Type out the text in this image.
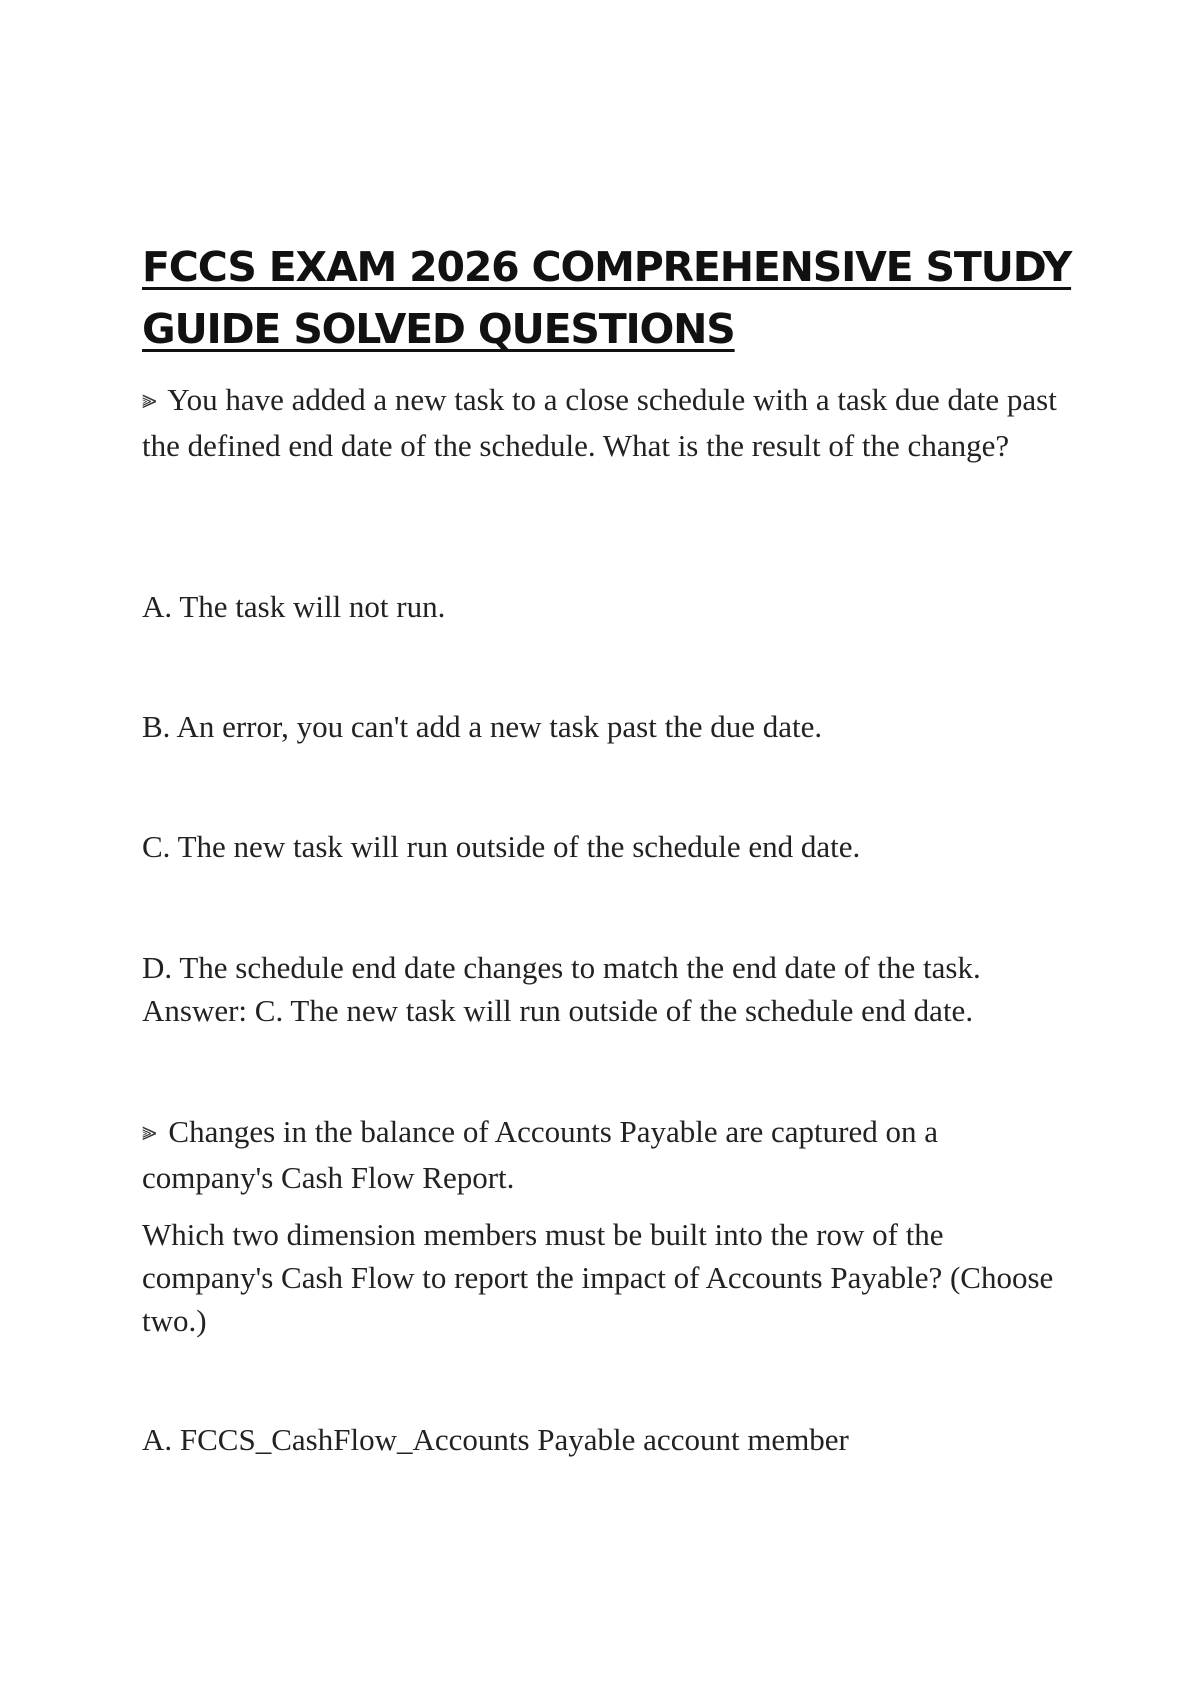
FCCS EXAM 2026 COMPREHENSIVE STUDY
GUIDE SOLVED QUESTIONS

⫸ You have added a new task to a close schedule with a task due date past the defined end date of the schedule. What is the result of the change?

A. The task will not run.

B. An error, you can't add a new task past the due date.

C. The new task will run outside of the schedule end date.

D. The schedule end date changes to match the end date of the task.

Answer: C. The new task will run outside of the schedule end date.

⫸ Changes in the balance of Accounts Payable are captured on a company's Cash Flow Report.

Which two dimension members must be built into the row of the company's Cash Flow to report the impact of Accounts Payable? (Choose two.)

A. FCCS_CashFlow_Accounts Payable account member
